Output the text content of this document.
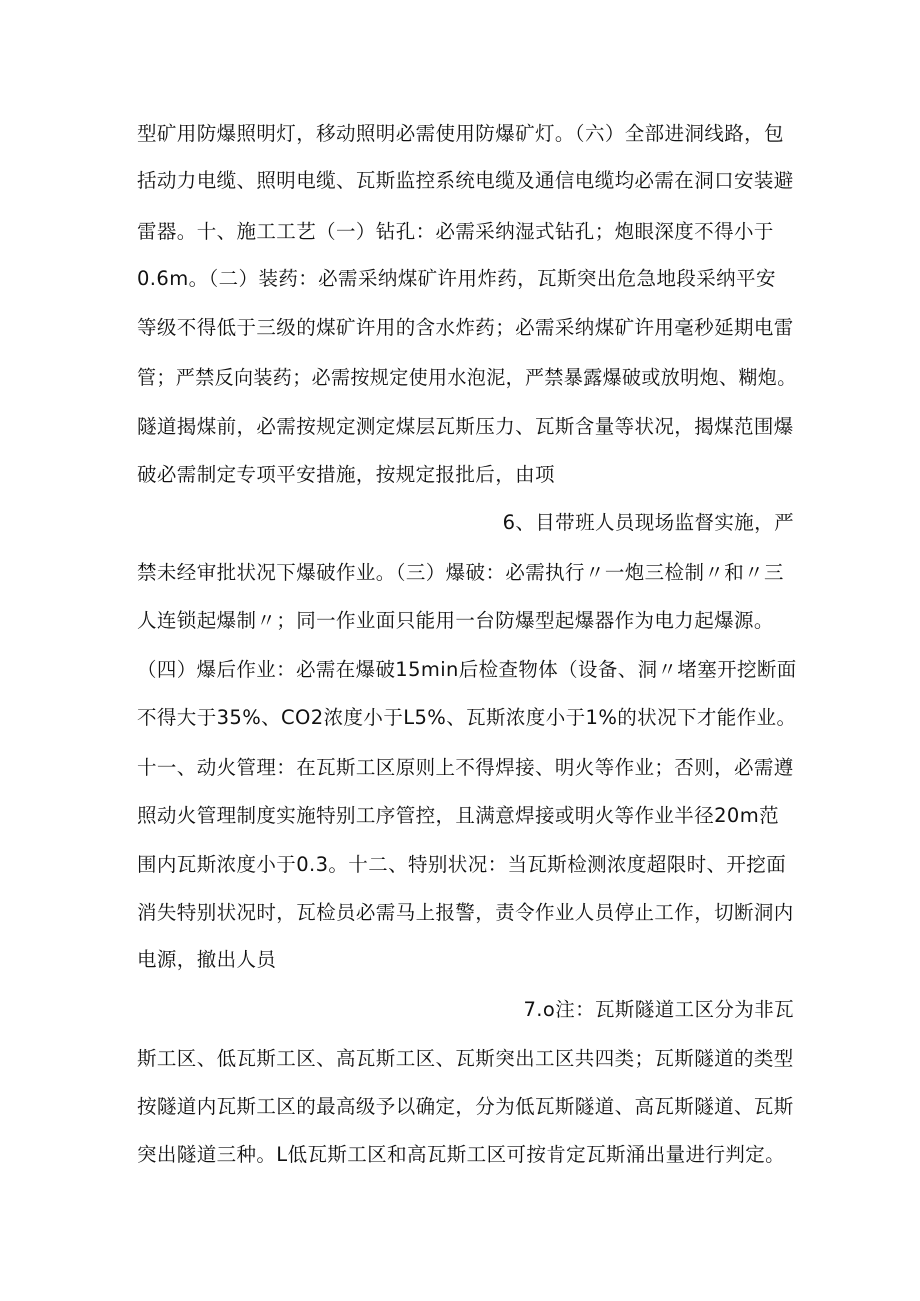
型矿用防爆照明灯，移动照明必需使用防爆矿灯。（六）全部进洞线路，包
括动力电缆、照明电缆、瓦斯监控系统电缆及通信电缆均必需在洞口安装避
雷器。十、施工工艺（一）钻孔：必需采纳湿式钻孔；炮眼深度不得小于
0.6m。（二）装药：必需采纳煤矿许用炸药，瓦斯突出危急地段采纳平安
等级不得低于三级的煤矿许用的含水炸药；必需采纳煤矿许用毫秒延期电雷
管；严禁反向装药；必需按规定使用水泡泥，严禁暴露爆破或放明炮、糊炮。
隧道揭煤前，必需按规定测定煤层瓦斯压力、瓦斯含量等状况，揭煤范围爆
破必需制定专项平安措施，按规定报批后，由项
6、目带班人员现场监督实施，严
禁未经审批状况下爆破作业。（三）爆破：必需执行〃一炮三检制〃和〃三
人连锁起爆制〃；同一作业面只能用一台防爆型起爆器作为电力起爆源。
（四）爆后作业：必需在爆破15min后检查物体（设备、洞〃堵塞开挖断面
不得大于35%、CO2浓度小于L5%、瓦斯浓度小于1%的状况下才能作业。
十一、动火管理：在瓦斯工区原则上不得焊接、明火等作业；否则，必需遵
照动火管理制度实施特别工序管控，且满意焊接或明火等作业半径20m范
围内瓦斯浓度小于0.3。十二、特别状况：当瓦斯检测浓度超限时、开挖面
消失特别状况时，瓦检员必需马上报警，责令作业人员停止工作，切断洞内
电源，撤出人员
7.o注：瓦斯隧道工区分为非瓦
斯工区、低瓦斯工区、高瓦斯工区、瓦斯突出工区共四类；瓦斯隧道的类型
按隧道内瓦斯工区的最高级予以确定，分为低瓦斯隧道、高瓦斯隧道、瓦斯
突出隧道三种。L低瓦斯工区和高瓦斯工区可按肯定瓦斯涌出量进行判定。
